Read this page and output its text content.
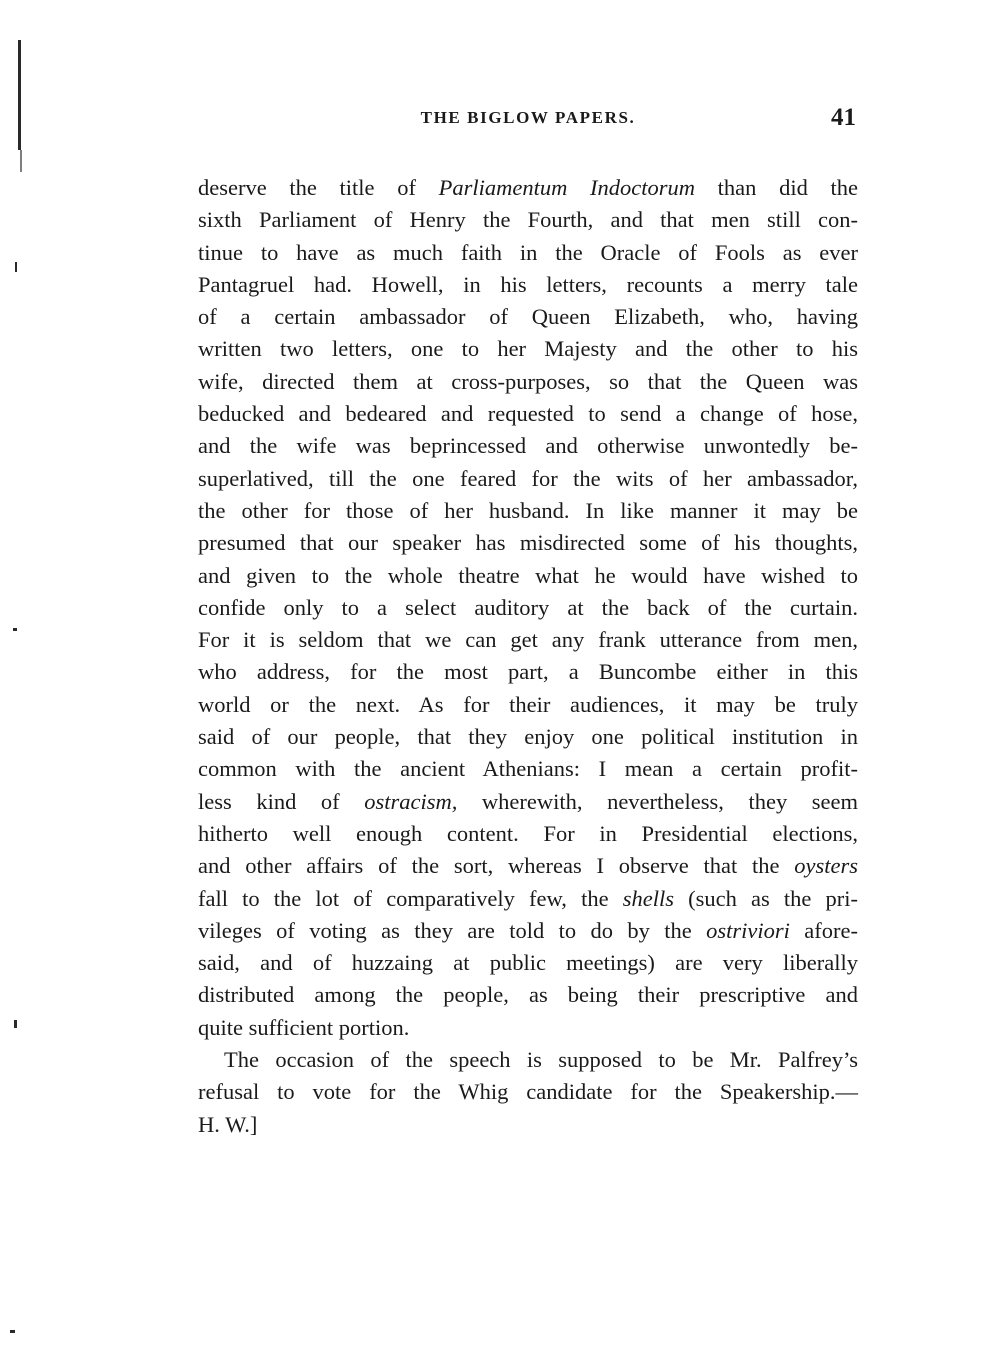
THE BIGLOW PAPERS.	41
deserve the title of Parliamentum Indoctorum than did the
sixth Parliament of Henry the Fourth, and that men still con-
tinue to have as much faith in the Oracle of Fools as ever
Pantagruel had. Howell, in his letters, recounts a merry tale
of a certain ambassador of Queen Elizabeth, who, having
written two letters, one to her Majesty and the other to his
wife, directed them at cross-purposes, so that the Queen was
beducked and bedeared and requested to send a change of hose,
and the wife was beprincessed and otherwise unwontedly be-
superlatived, till the one feared for the wits of her ambassador,
the other for those of her husband. In like manner it may be
presumed that our speaker has misdirected some of his thoughts,
and given to the whole theatre what he would have wished to
confide only to a select auditory at the back of the curtain.
For it is seldom that we can get any frank utterance from men,
who address, for the most part, a Buncombe either in this
world or the next. As for their audiences, it may be truly
said of our people, that they enjoy one political institution in
common with the ancient Athenians: I mean a certain profit-
less kind of ostracism, wherewith, nevertheless, they seem
hitherto well enough content. For in Presidential elections,
and other affairs of the sort, whereas I observe that the oysters
fall to the lot of comparatively few, the shells (such as the pri-
vileges of voting as they are told to do by the ostriviori afore-
said, and of huzzaing at public meetings) are very liberally
distributed among the people, as being their prescriptive and
quite sufficient portion.
The occasion of the speech is supposed to be Mr. Palfrey’s
refusal to vote for the Whig candidate for the Speakership.—
H. W.]
